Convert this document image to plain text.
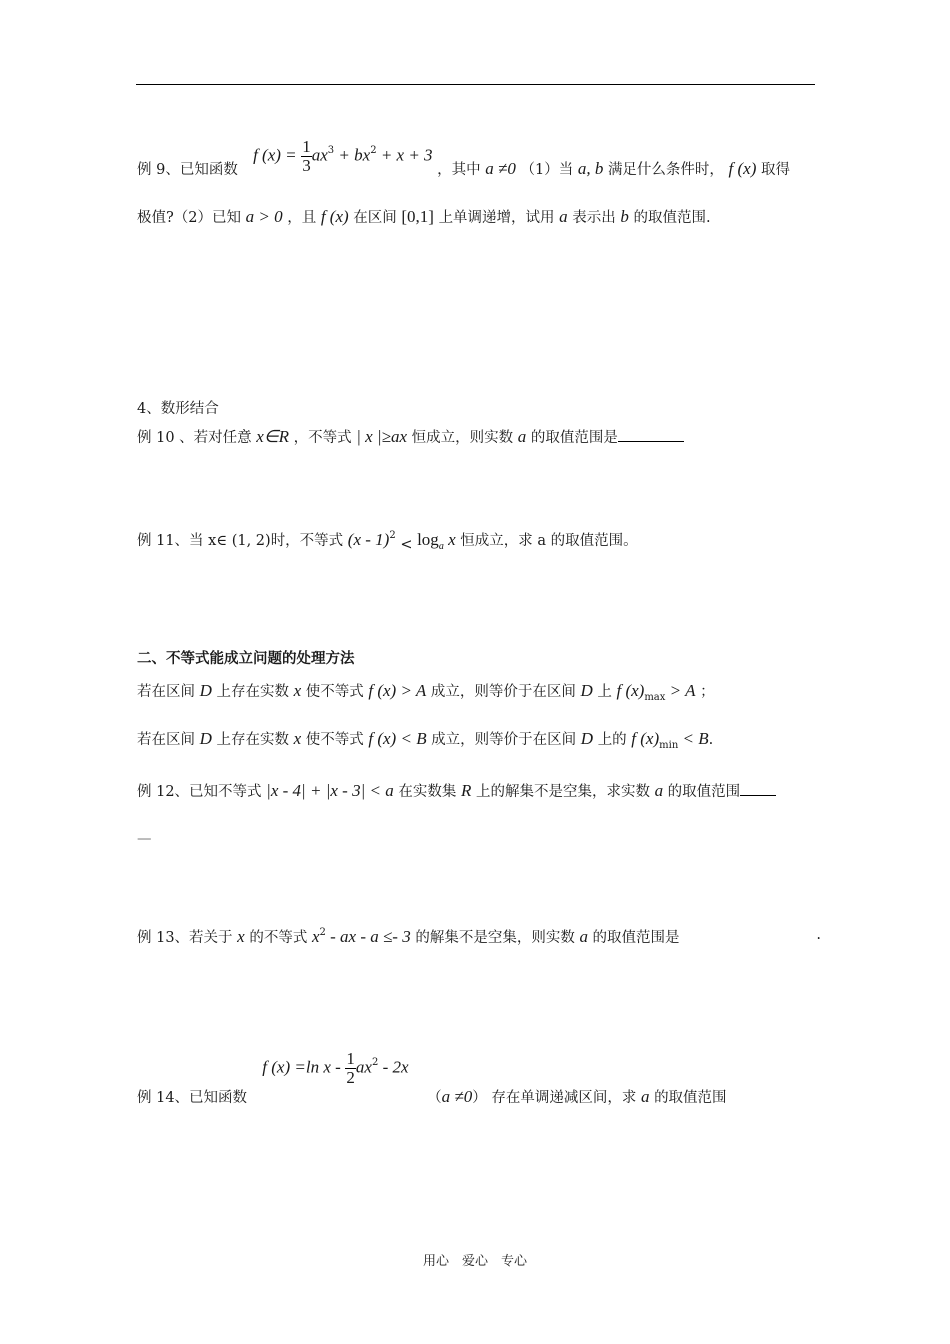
例 9、已知函数  f $(x) = \frac{1}{3} ax^3 + bx^2 + x + 3$ ，其中 a ≠0 （1）当 a, b 满足什么条件时， f (x) 取得
极值?（2）已知 a > 0 ，且 f (x) 在区间 [0,1] 上单调递增，试用 a 表示出 b 的取值范围.
4、数形结合
例 10 、若对任意 x∈R ，不等式 | x |≥ax 恒成立，则实数 a 的取值范围是
例 11、当 x∈ (1, 2)时，不等式 $(x - 1)^2 < \log_a x$ 恒成立，求 a 的取值范围。
二、不等式能成立问题的处理方法
若在区间 D 上存在实数 x 使不等式 f (x) > A 成立，则等价于在区间 D 上 f $(x)_{max} > A$ ；
若在区间 D 上存在实数 x 使不等式 f (x) < B 成立，则等价于在区间 D 上的 f $(x)_{min} < B$.
例 12、已知不等式 |x - 4| + |x - 3| < a 在实数集 R 上的解集不是空集，求实数 a 的取值范围
—
例 13、若关于 x 的不等式 $x^2$ - ax - a ≤- 3 的解集不是空集，则实数 a 的取值范围是	.
例 14、已知函数  f (x) =ln x - $\frac{1}{2} ax^2 - 2x$ （a ≠0） 存在单调递减区间，求 a 的取值范围
用心　爱心　专心
